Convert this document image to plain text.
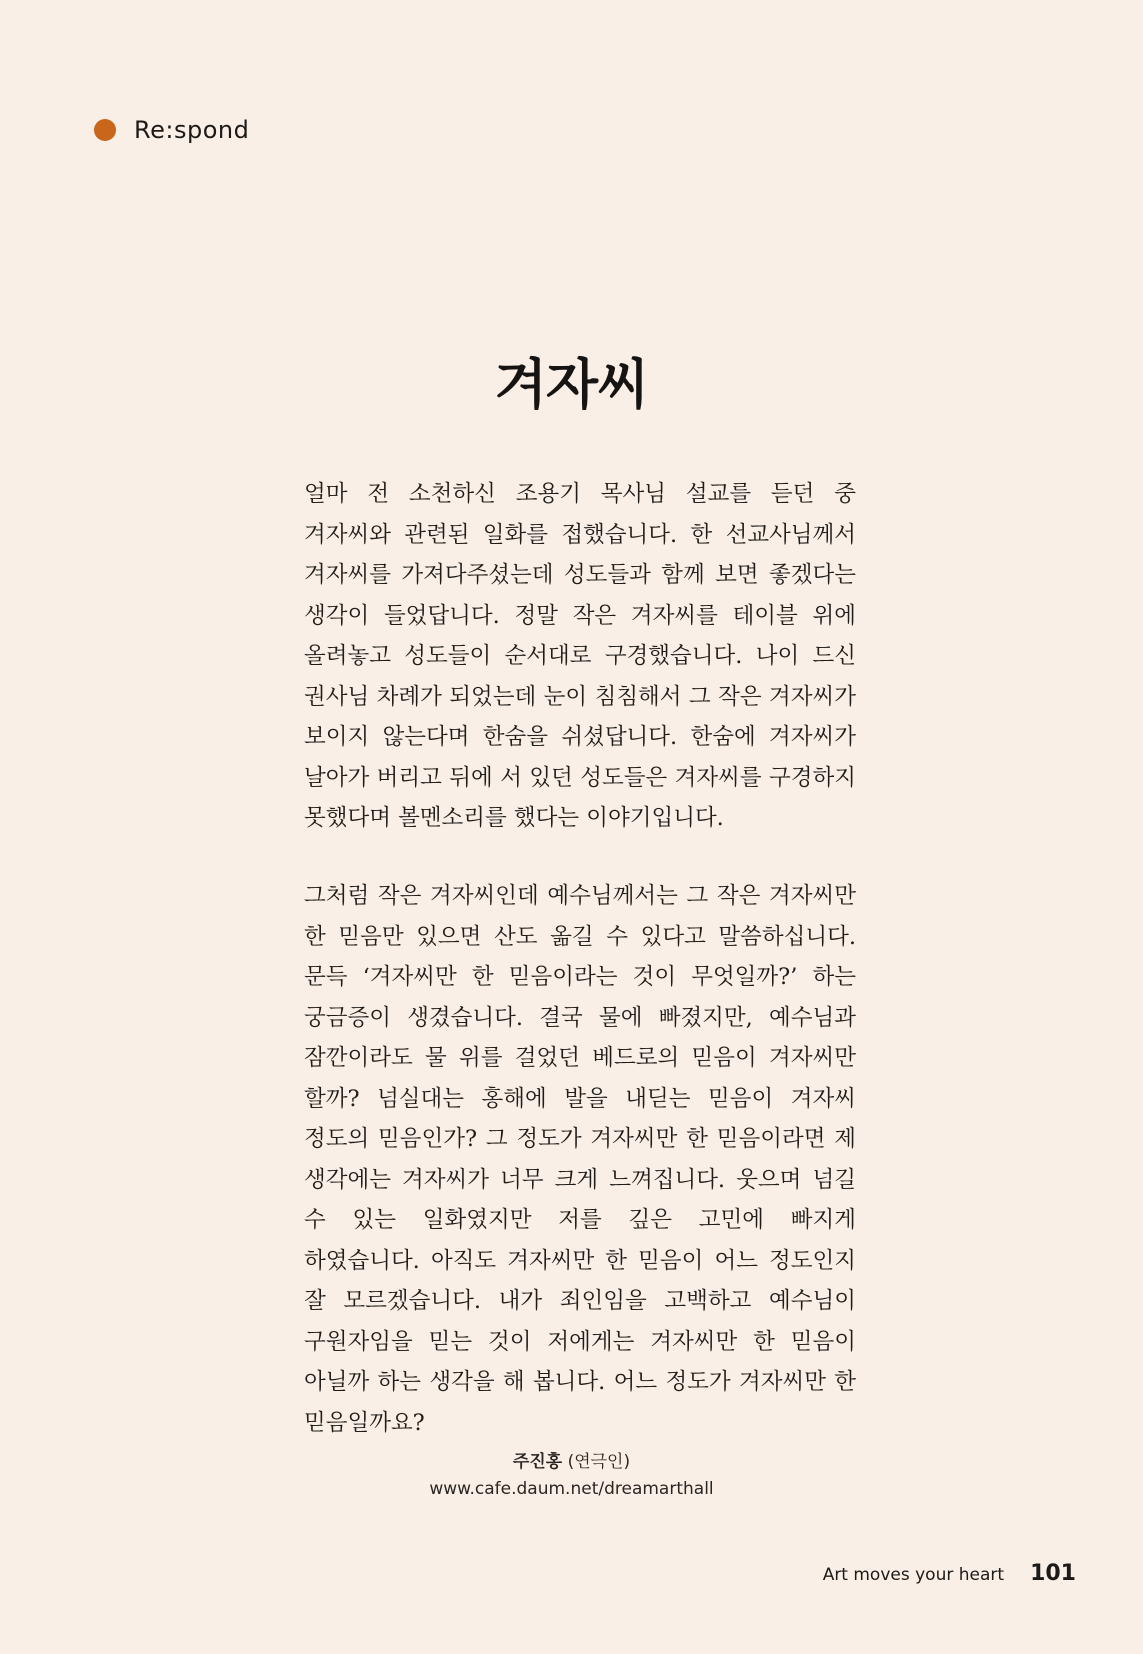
Re:spond
겨자씨

얼마 전 소천하신 조용기 목사님 설교를 듣던 중 겨자씨와 관련된 일화를 접했습니다. 한 선교사님께서 겨자씨를 가져다주셨는데 성도들과 함께 보면 좋겠다는 생각이 들었답니다. 정말 작은 겨자씨를 테이블 위에 올려놓고 성도들이 순서대로 구경했습니다. 나이 드신 권사님 차례가 되었는데 눈이 침침해서 그 작은 겨자씨가 보이지 않는다며 한숨을 쉬셨답니다. 한숨에 겨자씨가 날아가 버리고 뒤에 서 있던 성도들은 겨자씨를 구경하지 못했다며 볼멘소리를 했다는 이야기입니다.

그처럼 작은 겨자씨인데 예수님께서는 그 작은 겨자씨만 한 믿음만 있으면 산도 옮길 수 있다고 말씀하십니다. 문득 ‘겨자씨만 한 믿음이라는 것이 무엇일까?’ 하는 궁금증이 생겼습니다. 결국 물에 빠졌지만, 예수님과 잠깐이라도 물 위를 걸었던 베드로의 믿음이 겨자씨만 할까? 넘실대는 홍해에 발을 내딛는 믿음이 겨자씨 정도의 믿음인가? 그 정도가 겨자씨만 한 믿음이라면 제 생각에는 겨자씨가 너무 크게 느껴집니다. 웃으며 넘길 수 있는 일화였지만 저를 깊은 고민에 빠지게 하였습니다. 아직도 겨자씨만 한 믿음이 어느 정도인지 잘 모르겠습니다. 내가 죄인임을 고백하고 예수님이 구원자임을 믿는 것이 저에게는 겨자씨만 한 믿음이 아닐까 하는 생각을 해 봅니다. 어느 정도가 겨자씨만 한 믿음일까요?

주진홍 (연극인)
www.cafe.daum.net/dreamarthall
Art moves your heart 101
